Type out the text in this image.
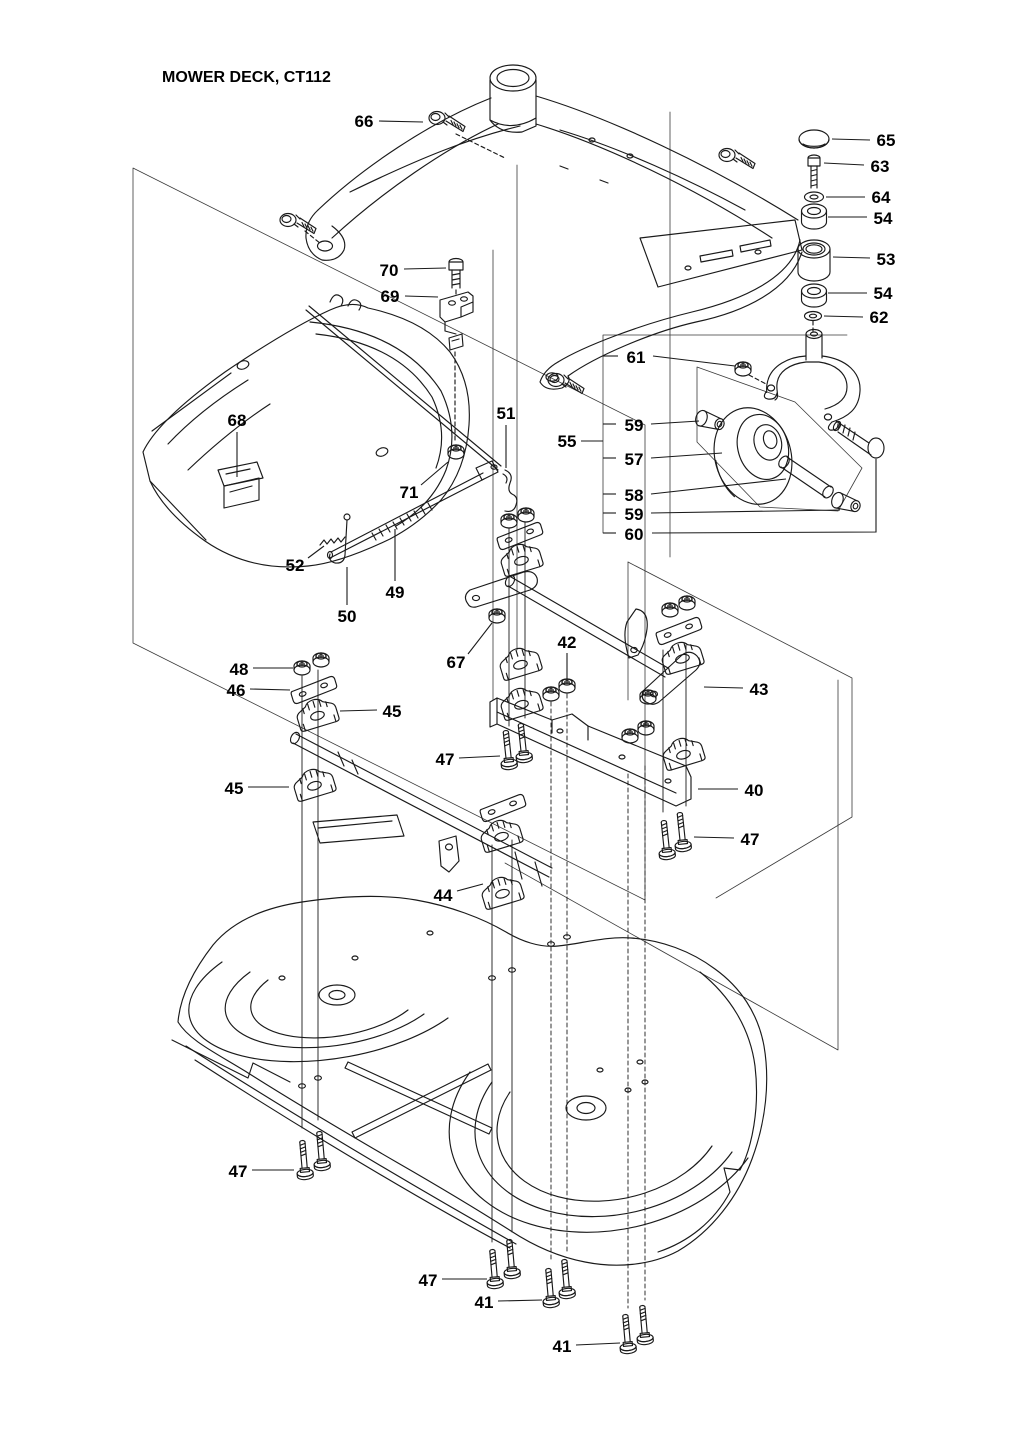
MOWER DECK, CT112
66
65
63
64
54
53
54
62
70
69
68	51
55
61
59
57
58
59
60
52
49
50
71
48
46
45
45
67
42
43
47
40
47
44
47
47
41
41
